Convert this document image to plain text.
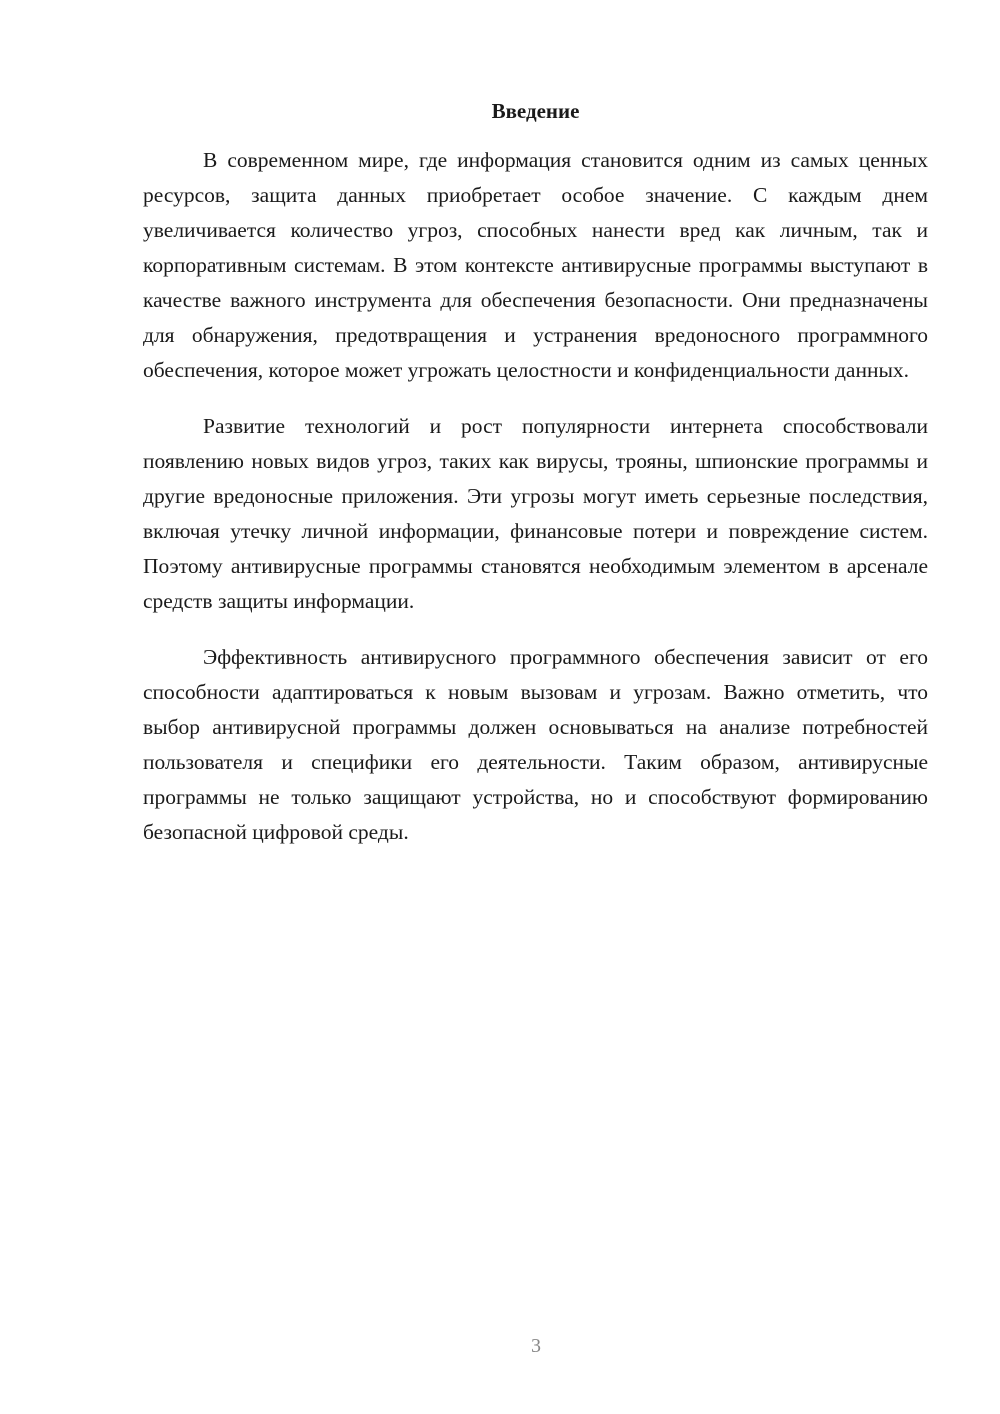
Введение

В современном мире, где информация становится одним из самых ценных ресурсов, защита данных приобретает особое значение. С каждым днем увеличивается количество угроз, способных нанести вред как личным, так и корпоративным системам. В этом контексте антивирусные программы выступают в качестве важного инструмента для обеспечения безопасности. Они предназначены для обнаружения, предотвращения и устранения вредоносного программного обеспечения, которое может угрожать целостности и конфиденциальности данных.

Развитие технологий и рост популярности интернета способствовали появлению новых видов угроз, таких как вирусы, трояны, шпионские программы и другие вредоносные приложения. Эти угрозы могут иметь серьезные последствия, включая утечку личной информации, финансовые потери и повреждение систем. Поэтому антивирусные программы становятся необходимым элементом в арсенале средств защиты информации.

Эффективность антивирусного программного обеспечения зависит от его способности адаптироваться к новым вызовам и угрозам. Важно отметить, что выбор антивирусной программы должен основываться на анализе потребностей пользователя и специфики его деятельности. Таким образом, антивирусные программы не только защищают устройства, но и способствуют формированию безопасной цифровой среды.

3
